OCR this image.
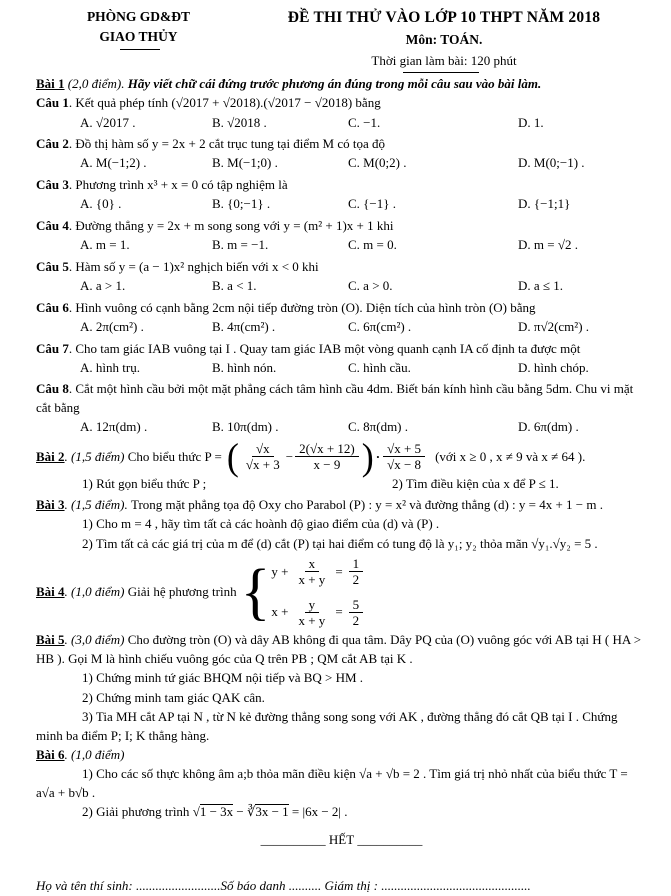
PHÒNG GD&ĐT
GIAO THỦY
ĐỀ THI THỬ VÀO LỚP 10 THPT NĂM 2018
Môn: TOÁN.
Thời gian làm bài: 120 phút

Bài 1 (2,0 điểm). Hãy viết chữ cái đứng trước phương án đúng trong mỗi câu sau vào bài làm.

Câu 1. Kết quả phép tính (√2017 + √2018).(√2017 − √2018) bằng

A. √2017 .	B. √2018 .	C. −1.	D. 1.

Câu 2. Đồ thị hàm số y = 2x + 2 cắt trục tung tại điểm M có tọa độ

A. M(−1;2) .	B. M(−1;0) .	C. M(0;2) .	D. M(0;−1) .

Câu 3. Phương trình x³ + x = 0 có tập nghiệm là

A. {0} .	B. {0;−1} .	C. {−1} .	D. {−1;1}

Câu 4. Đường thẳng y = 2x + m song song với y = (m² + 1)x + 1 khi

A. m = 1.	B. m = −1.	C. m = 0.	D. m = √2 .

Câu 5. Hàm số y = (a − 1)x² nghịch biến với x < 0 khi

A. a > 1.	B. a < 1.	C. a > 0.	D. a ≤ 1.

Câu 6. Hình vuông có cạnh bằng 2cm nội tiếp đường tròn (O). Diện tích của hình tròn (O) bằng

A. 2π(cm²) .	B. 4π(cm²) .	C. 6π(cm²) .	D. π√2(cm²) .

Câu 7. Cho tam giác IAB vuông tại I . Quay tam giác IAB một vòng quanh cạnh IA cố định ta được một

A. hình trụ.	B. hình nón.	C. hình cầu.	D. hình chóp.

Câu 8. Cắt một hình cầu bởi một mặt phẳng cách tâm hình cầu 4dm. Biết bán kính hình cầu bằng 5dm. Chu vi mặt cắt bằng

A. 12π(dm) .	B. 10π(dm) .	C. 8π(dm) .	D. 6π(dm) .
Bài 2. (1,5 điểm) Cho biểu thức P = ( $\frac{√x}{√x + 3} - \frac{2(√x + 12)}{x - 9}$ ) · $\frac{√x + 5}{√x - 8}$ (với x ≥ 0 , x ≠ 9 và x ≠ 64 ).
1) Rút gọn biểu thức P ;	2) Tìm điều kiện của x để P ≤ 1.

Bài 3. (1,5 điểm). Trong mặt phẳng tọa độ Oxy cho Parabol (P) : y = x² và đường thẳng (d) : y = 4x + 1 − m .

1) Cho m = 4 , hãy tìm tất cả các hoành độ giao điểm của (d) và (P) .

2) Tìm tất cả các giá trị của m để (d) cắt (P) tại hai điểm có tung độ là y₁; y₂ thỏa mãn √y₁.√y₂ = 5 .

Bài 4. (1,0 điểm) Giải hệ phương trình { $y + \frac{x}{x + y} = \frac{1}{2}$
$x + \frac{y}{x + y} = \frac{5}{2}$

Bài 5. (3,0 điểm) Cho đường tròn (O) và dây AB không đi qua tâm. Dây PQ của (O) vuông góc với AB tại H ( HA > HB ). Gọi M là hình chiếu vuông góc của Q trên PB ; QM cắt AB tại K .

1) Chứng minh tứ giác BHQM nội tiếp và BQ > HM .

2) Chứng minh tam giác QAK cân.

3) Tia MH cắt AP tại N , từ N kẻ đường thẳng song song với AK , đường thẳng đó cắt QB tại I . Chứng minh ba điểm P; I; K thẳng hàng.

Bài 6. (1,0 điểm)

1) Cho các số thực không âm a;b thỏa mãn điều kiện √a + √b = 2 . Tìm giá trị nhỏ nhất của biểu thức T = a√a + b√b .

2) Giải phương trình √1 − 3x − ∛3x − 1 = |6x − 2| .

__________ HẾT __________

Họ và tên thí sinh: ..........................Số báo danh .......... Giám thị : ..............................................
